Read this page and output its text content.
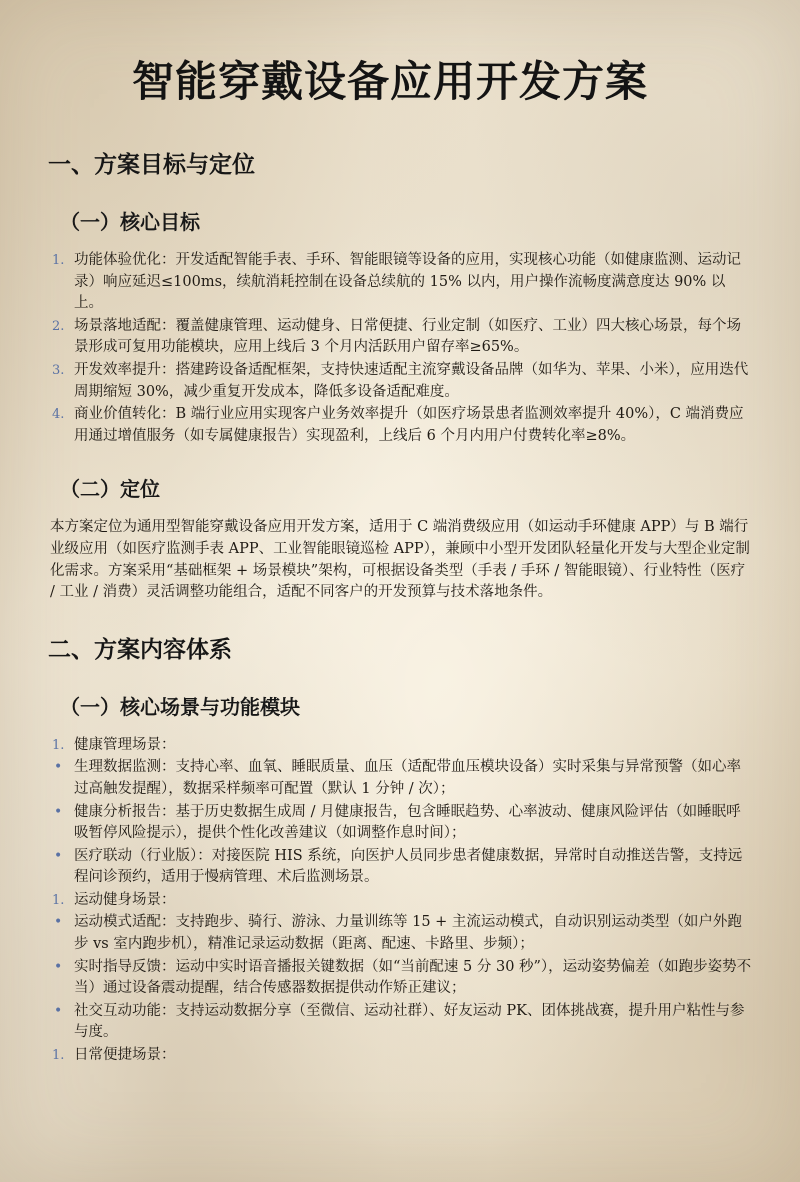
智能穿戴设备应用开发方案
一、方案目标与定位
（一）核心目标
1. 功能体验优化：开发适配智能手表、手环、智能眼镜等设备的应用，实现核心功能（如健康监测、运动记录）响应延迟≤100ms，续航消耗控制在设备总续航的 15% 以内，用户操作流畅度满意度达 90% 以上。
2. 场景落地适配：覆盖健康管理、运动健身、日常便捷、行业定制（如医疗、工业）四大核心场景，每个场景形成可复用功能模块，应用上线后 3 个月内活跃用户留存率≥65%。
3. 开发效率提升：搭建跨设备适配框架，支持快速适配主流穿戴设备品牌（如华为、苹果、小米），应用迭代周期缩短 30%，减少重复开发成本，降低多设备适配难度。
4. 商业价值转化：B 端行业应用实现客户业务效率提升（如医疗场景患者监测效率提升 40%），C 端消费应用通过增值服务（如专属健康报告）实现盈利，上线后 6 个月内用户付费转化率≥8%。
（二）定位

本方案定位为通用型智能穿戴设备应用开发方案，适用于 C 端消费级应用（如运动手环健康 APP）与 B 端行业级应用（如医疗监测手表 APP、工业智能眼镜巡检 APP），兼顾中小型开发团队轻量化开发与大型企业定制化需求。方案采用“基础框架 + 场景模块”架构，可根据设备类型（手表 / 手环 / 智能眼镜）、行业特性（医疗 / 工业 / 消费）灵活调整功能组合，适配不同客户的开发预算与技术落地条件。

二、方案内容体系
（一）核心场景与功能模块
1. 健康管理场景：
• 生理数据监测：支持心率、血氧、睡眠质量、血压（适配带血压模块设备）实时采集与异常预警（如心率过高触发提醒），数据采样频率可配置（默认 1 分钟 / 次）；
• 健康分析报告：基于历史数据生成周 / 月健康报告，包含睡眠趋势、心率波动、健康风险评估（如睡眠呼吸暂停风险提示），提供个性化改善建议（如调整作息时间）；
• 医疗联动（行业版）：对接医院 HIS 系统，向医护人员同步患者健康数据，异常时自动推送告警，支持远程问诊预约，适用于慢病管理、术后监测场景。
1. 运动健身场景：
• 运动模式适配：支持跑步、骑行、游泳、力量训练等 15 + 主流运动模式，自动识别运动类型（如户外跑步 vs 室内跑步机），精准记录运动数据（距离、配速、卡路里、步频）；
• 实时指导反馈：运动中实时语音播报关键数据（如“当前配速 5 分 30 秒”），运动姿势偏差（如跑步姿势不当）通过设备震动提醒，结合传感器数据提供动作矫正建议；
• 社交互动功能：支持运动数据分享（至微信、运动社群）、好友运动 PK、团体挑战赛，提升用户粘性与参与度。
1. 日常便捷场景：
